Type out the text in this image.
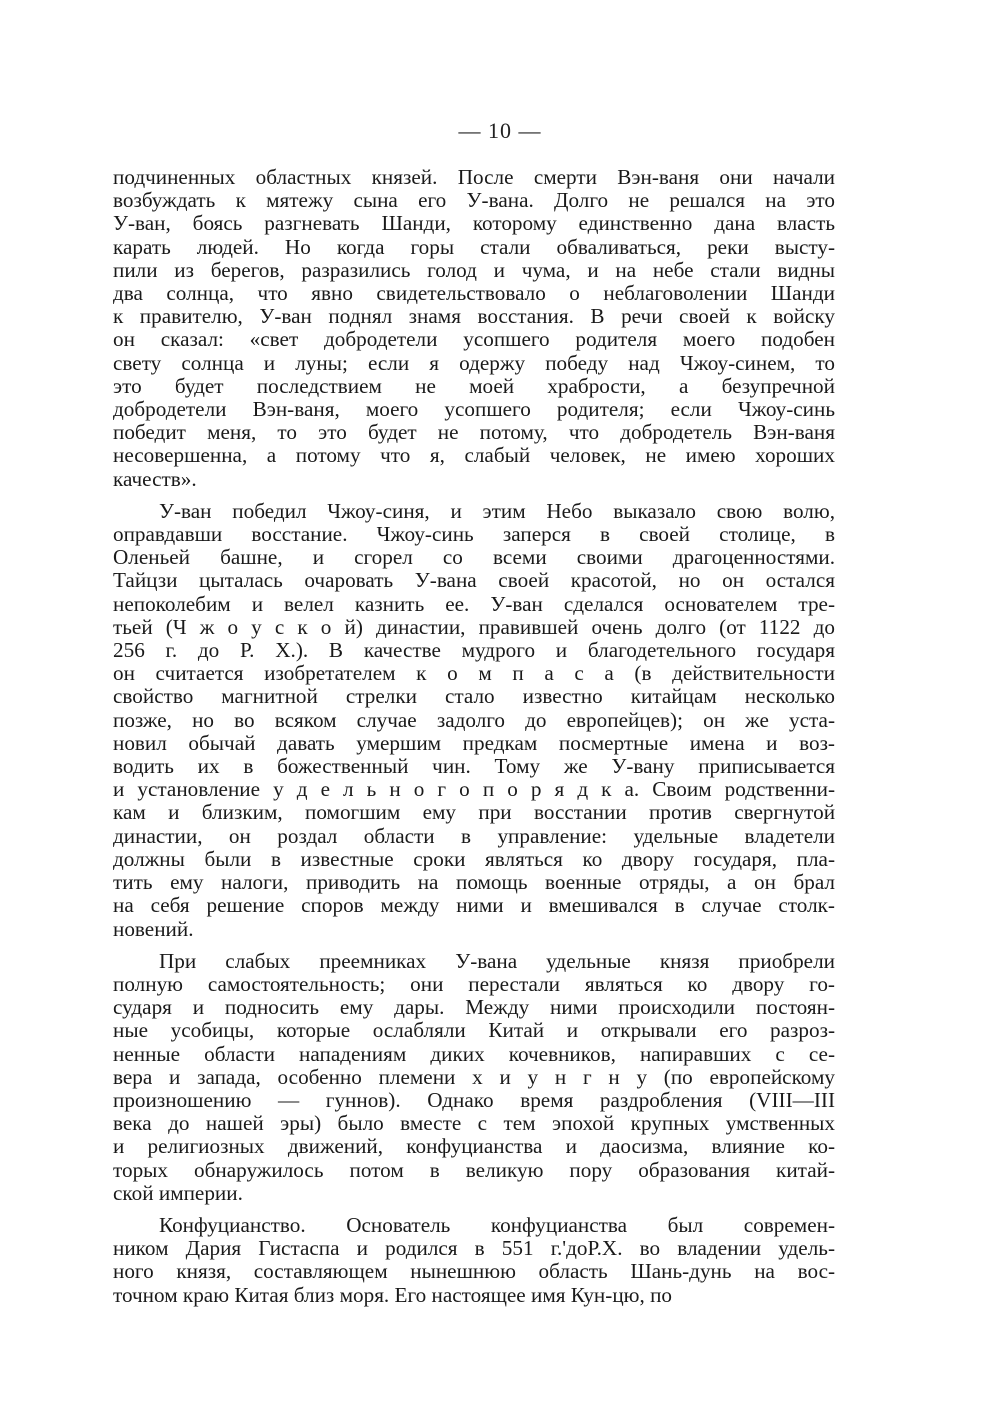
— 10 —
подчиненных областных князей. После смерти Вэн-ваня они начали
возбуждать к мятежу сына его У-вана. Долго не решался на это
У-ван, боясь разгневать Шанди, которому единственно дана власть
карать людей. Но когда горы стали обваливаться, реки высту-
пили из берегов, разразились голод и чума, и на небе стали видны
два солнца, что явно свидетельствовало о неблаговолении Шанди
к правителю, У-ван поднял знамя восстания. В речи своей к войску
он сказал: «свет добродетели усопшего родителя моего подобен
свету солнца и луны; если я одержу победу над Чжоу-синем, то
это будет последствием не моей храбрости, а безупречной
добродетели Вэн-ваня, моего усопшего родителя; если Чжоу-синь
победит меня, то это будет не потому, что добродетель Вэн-ваня
несовершенна, а потому что я, слабый человек, не имею хороших
качеств».
У-ван победил Чжоу-синя, и этим Небо выказало свою волю,
оправдавши восстание. Чжоу-синь заперся в своей столице, в
Оленьей башне, и сгорел со всеми своими драгоценностями.
Тайцзи цыталась очаровать У-вана своей красотой, но он остался
непоколебим и велел казнить ее. У-ван сделался основателем тре-
тьей (Ч ж о у с к о й) династии, правившей очень долго (от 1122 до
256 г. до Р. Х.). В качестве мудрого и благодетельного государя
он считается изобретателем к о м п а с а (в действительности
свойство магнитной стрелки стало известно китайцам несколько
позже, но во всяком случае задолго до европейцев); он же уста-
новил обычай давать умершим предкам посмертные имена и воз-
водить их в божественный чин. Тому же У-вану приписывается
и установление у д е л ь н о г о п о р я д к а. Своим родственни-
кам и близким, помогшим ему при восстании против свергнутой
династии, он роздал области в управление: удельные владетели
должны были в известные сроки являться ко двору государя, пла-
тить ему налоги, приводить на помощь военные отряды, а он брал
на себя решение споров между ними и вмешивался в случае столк-
новений.
При слабых преемниках У-вана удельные князя приобрели
полную самостоятельность; они перестали являться ко двору го-
сударя и подносить ему дары. Между ними происходили постоян-
ные усобицы, которые ослабляли Китай и открывали его разроз-
ненные области нападениям диких кочевников, напиравших с се-
вера и запада, особенно племени х и у н г н у (по европейскому
произношению — гуннов). Однако время раздробления (VIII—III
века до нашей эры) было вместе с тем эпохой крупных умственных
и религиозных движений, конфуцианства и даосизма, влияние ко-
торых обнаружилось потом в великую пору образования китай-
ской империи.
Конфуцианство. Основатель конфуцианства был современ-
ником Дария Гистаспа и родился в 551 г.'доР.Х. во владении удель-
ного князя, составляющем нынешнюю область Шань-дунь на вос-
точном краю Китая близ моря. Его настоящее имя Кун-цю, по
